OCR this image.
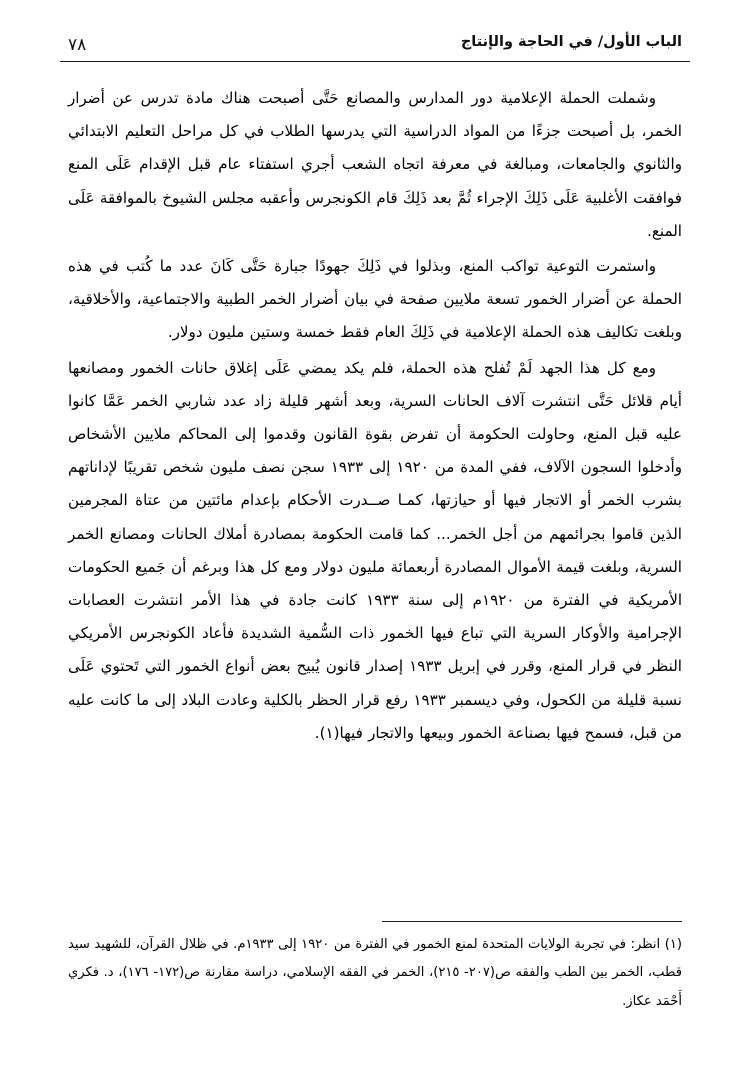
الباب الأول/ في الحاجة والإنتاج
٧٨

وشملت الحملة الإعلامية دور المدارس والمصانع حَتَّى أصبحت هناك مادة تدرس عن أضرار الخمر، بل أصبحت جزءًا من المواد الدراسية التي يدرسها الطلاب في كل مراحل التعليم الابتدائي والثانوي والجامعات، ومبالغة في معرفة اتجاه الشعب أجري استفتاء عام قبل الإقدام عَلَى المنع فوافقت الأغلبية عَلَى ذَلِكَ الإجراء ثُمَّ بعد ذَلِكَ قام الكونجرس وأعقبه مجلس الشيوخ بالموافقة عَلَى المنع.

واستمرت التوعية تواكب المنع، وبذلوا في ذَلِكَ جهودًا جبارة حَتَّى كَانَ عدد ما كُتب في هذه الحملة عن أضرار الخمور تسعة ملايين صفحة في بيان أضرار الخمر الطبية والاجتماعية، والأخلاقية، وبلغت تكاليف هذه الحملة الإعلامية في ذَلِكَ العام فقط خمسة وستين مليون دولار.

ومع كل هذا الجهد لَمْ تُفلح هذه الحملة، فلم يكد يمضي عَلَى إغلاق حانات الخمور ومصانعها أيام قلائل حَتَّى انتشرت آلاف الحانات السرية، وبعد أشهر قليلة زاد عدد شاربي الخمر عَمَّا كانوا عليه قبل المنع، وحاولت الحكومة أن تفرض بقوة القانون وقدموا إلى المحاكم ملايين الأشخاص وأدخلوا السجون الآلاف، ففي المدة من ١٩٢٠ إلى ١٩٣٣ سجن نصف مليون شخص تقريبًا لإداناتهم بشرب الخمر أو الاتجار فيها أو حيازتها، كمـا صــدرت الأحكام بإعدام مائتين من عتاة المجرمين الذين قاموا بجرائمهم من أجل الخمر... كما قامت الحكومة بمصادرة أملاك الحانات ومصانع الخمر السرية، وبلغت قيمة الأموال المصادرة أربعمائة مليون دولار ومع كل هذا وبرغم أن جَميع الحكومات الأمريكية في الفترة من ١٩٢٠م إلى سنة ١٩٣٣ كانت جادة في هذا الأمر انتشرت العصابات الإجرامية والأوكار السرية التي تباع فيها الخمور ذات السُّمية الشديدة فأعاد الكونجرس الأمريكي النظر في قرار المنع، وقرر في إبريل ١٩٣٣ إصدار قانون يُبيح بعض أنواع الخمور التي تَحتوي عَلَى نسبة قليلة من الكحول، وفي ديسمبر ١٩٣٣ رفع قرار الحظر بالكلية وعادت البلاد إلى ما كانت عليه من قبل، فسمح فيها بصناعة الخمور وبيعها والاتجار فيها(١).

(١) انظر: في تجربة الولايات المتحدة لمنع الخمور في الفترة من ١٩٢٠ إلى ١٩٣٣م. في ظلال القرآن، للشهيد سيد قطب، الخمر بين الطب والفقه ص(٢٠٧- ٢١٥)، الخمر في الفقه الإسلامي، دراسة مقارنة ص(١٧٢- ١٧٦)، د. فكري أَحْمَد عكاز.
